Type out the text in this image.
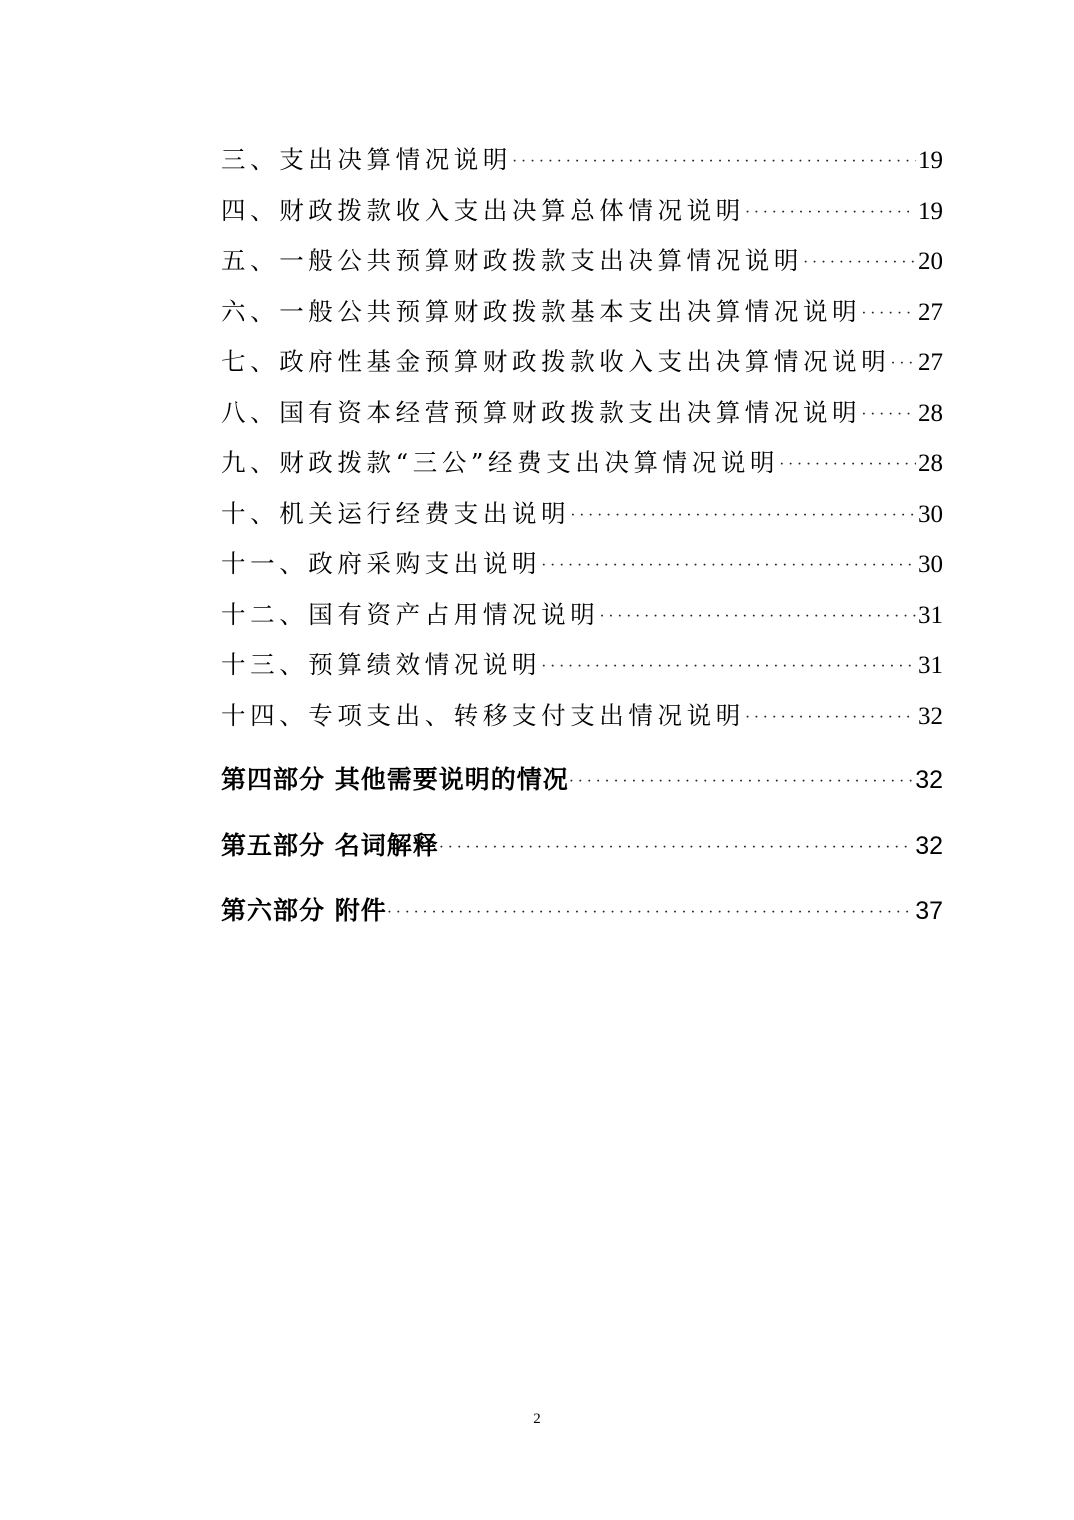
三、支出决算情况说明 ·····	19
四、财政拨款收入支出决算总体情况说明 ·····	19
五、一般公共预算财政拨款支出决算情况说明 ·····	20
六、一般公共预算财政拨款基本支出决算情况说明 ····· 27
七、政府性基金预算财政拨款收入支出决算情况说明 ····· 27
八、国有资本经营预算财政拨款支出决算情况说明 ····· 28
九、财政拨款“三公”经费支出决算情况说明 ·····	28
十、机关运行经费支出说明 ·····	30
十一、政府采购支出说明 ·····	30
十二、国有资产占用情况说明 ·····	31
十三、预算绩效情况说明 ·····	31
十四、专项支出、转移支付支出情况说明 ·····	32
第四部分 其他需要说明的情况 ·····	32
第五部分 名词解释 ·····	32
第六部分 附件 ·····	37
2
